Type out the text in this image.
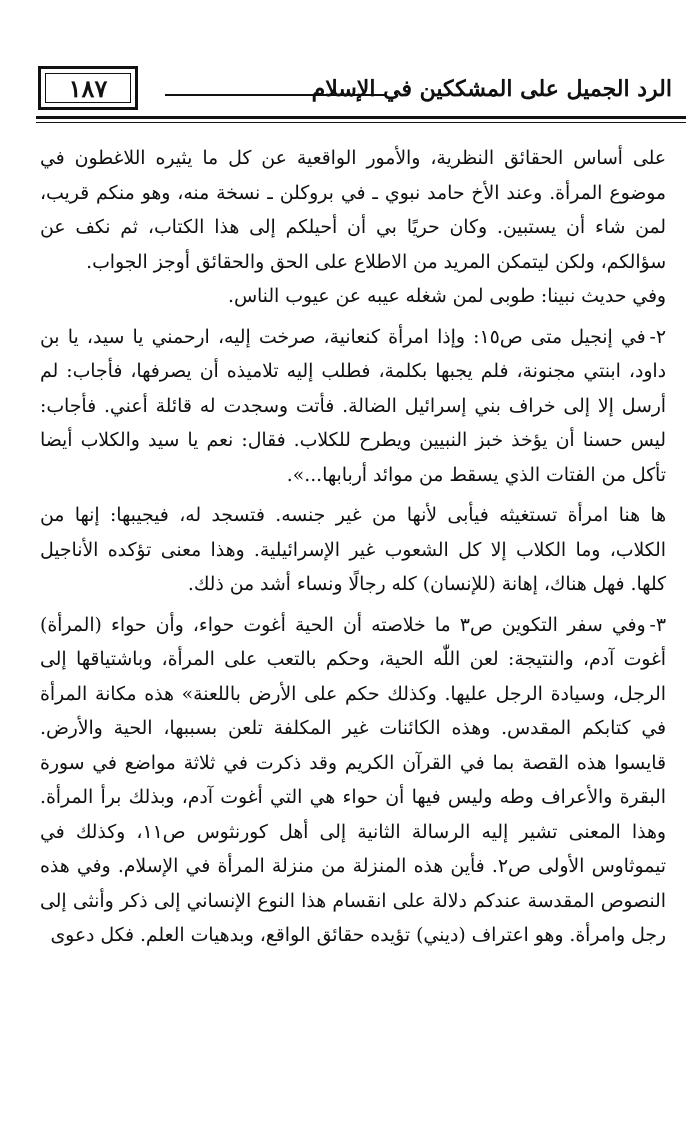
١٨٧	الرد الجميل على المشككين في الإسلام

على أساس الحقائق النظرية، والأمور الواقعية عن كل ما يثيره اللاغطون في موضوع المرأة. وعند الأخ حامد نبوي ـ في بروكلن ـ نسخة منه، وهو منكم قريب، لمن شاء أن يستبين. وكان حريًا بي أن أحيلكم إلى هذا الكتاب، ثم نكف عن سؤالكم، ولكن ليتمكن المريد من الاطلاع على الحق والحقائق أوجز الجواب.

وفي حديث نبينا: طوبى لمن شغله عيبه عن عيوب الناس.

٢-في إنجيل متى ص١٥: وإذا امرأة كنعانية، صرخت إليه، ارحمني يا سيد، يا بن داود، ابنتي مجنونة، فلم يجبها بكلمة، فطلب إليه تلاميذه أن يصرفها، فأجاب: لم أرسل إلا إلى خراف بني إسرائيل الضالة. فأتت وسجدت له قائلة أعني. فأجاب: ليس حسنا أن يؤخذ خبز النبيين ويطرح للكلاب. فقال: نعم يا سيد والكلاب أيضا تأكل من الفتات الذي يسقط من موائد أربابها...».

ها هنا امرأة تستغيثه فيأبى لأنها من غير جنسه. فتسجد له، فيجيبها: إنها من الكلاب، وما الكلاب إلا كل الشعوب غير الإسرائيلية. وهذا معنى تؤكده الأناجيل كلها. فهل هناك، إهانة (للإنسان) كله رجالًا ونساء أشد من ذلك.

٣-وفي سفر التكوين ص٣ ما خلاصته أن الحية أغوت حواء، وأن حواء (المرأة) أغوت آدم، والنتيجة: لعن اللّٰه الحية، وحكم بالتعب على المرأة، وباشتياقها إلى الرجل، وسيادة الرجل عليها. وكذلك حكم على الأرض باللعنة» هذه مكانة المرأة في كتابكم المقدس. وهذه الكائنات غير المكلفة تلعن بسببها، الحية والأرض. قايسوا هذه القصة بما في القرآن الكريم وقد ذكرت في ثلاثة مواضع في سورة البقرة والأعراف وطه وليس فيها أن حواء هي التي أغوت آدم، وبذلك برأ المرأة. وهذا المعنى تشير إليه الرسالة الثانية إلى أهل كورنثوس ص١١، وكذلك في تيموثاوس الأولى ص٢. فأين هذه المنزلة من منزلة المرأة في الإسلام. وفي هذه النصوص المقدسة عندكم دلالة على انقسام هذا النوع الإنساني إلى ذكر وأنثى إلى رجل وامرأة. وهو اعتراف (ديني) تؤيده حقائق الواقع، وبدهيات العلم. فكل دعوى
